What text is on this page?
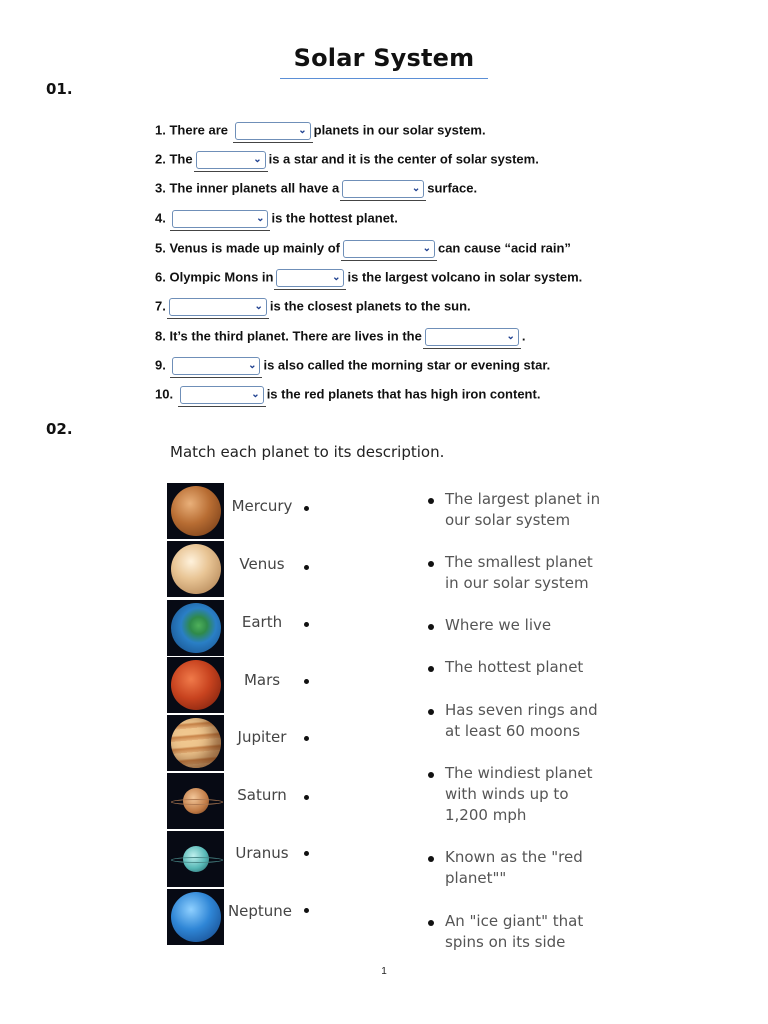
Solar System
01.
1. There are	⌄ planets in our solar system.
2. The	⌄ is a star and it is the center of solar system.
3. The inner planets all have a	⌄ surface.
4.	⌄ is the hottest planet.
5. Venus is made up mainly of	⌄ can cause “acid rain”
6. Olympic Mons in	⌄ is the largest volcano in solar system.
7.	⌄ is the closest planets to the sun.
8. It’s the third planet. There are lives in the	⌄ .
9.	⌄ is also called the morning star or evening star.
10.	⌄ is the red planets that has high iron content.
02.
Match each planet to its description.
Mercury
Venus
Earth
Mars
Jupiter
Saturn
Uranus
Neptune
The largest planet in
our solar system
The smallest planet
in our solar system
Where we live
The hottest planet
Has seven rings and
at least 60 moons
The windiest planet
with winds up to
1,200 mph
Known as the "red
planet""
An "ice giant" that
spins on its side
1
